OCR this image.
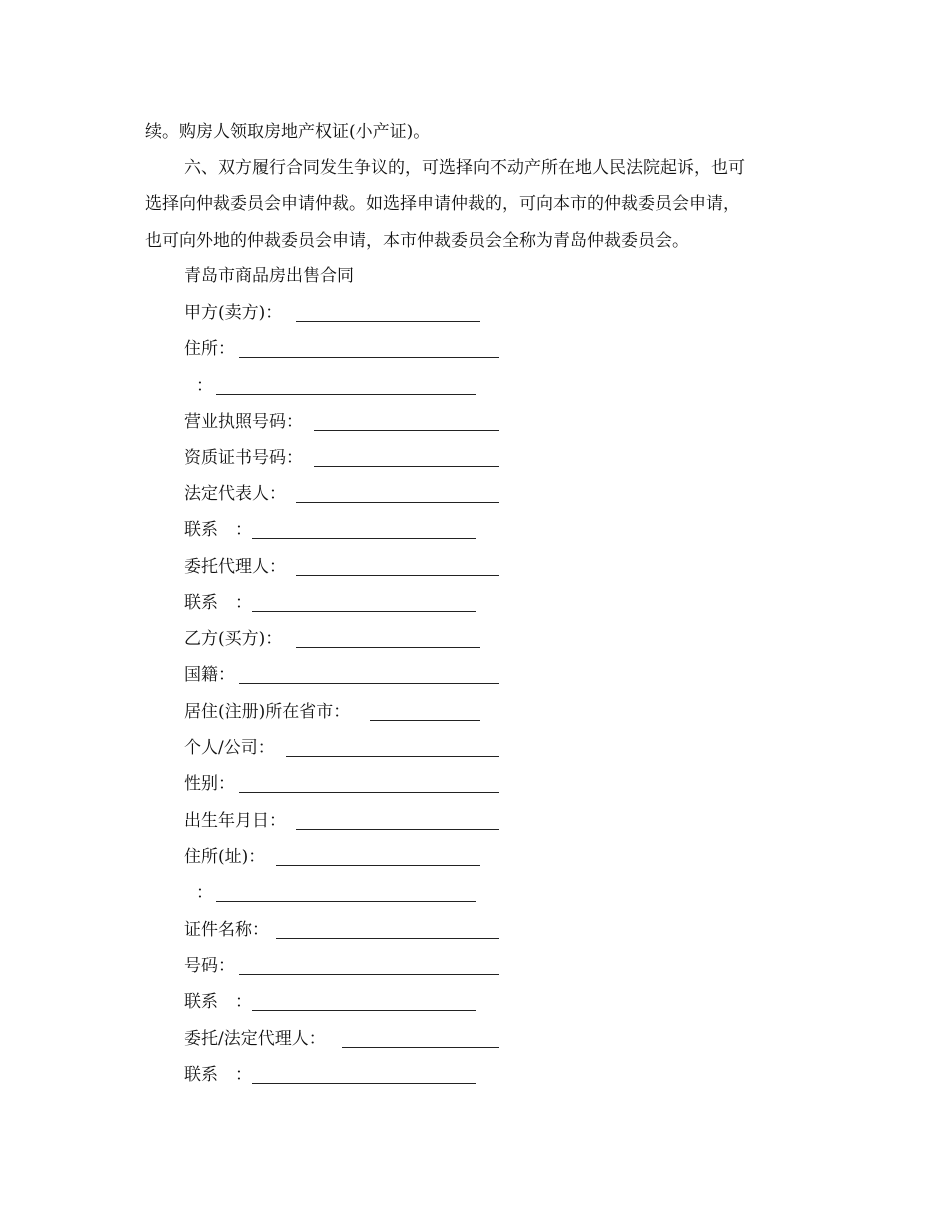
续。购房人领取房地产权证(小产证)。
六、双方履行合同发生争议的，可选择向不动产所在地人民法院起诉，也可
选择向仲裁委员会申请仲裁。如选择申请仲裁的，可向本市的仲裁委员会申请，
也可向外地的仲裁委员会申请，本市仲裁委员会全称为青岛仲裁委员会。
青岛市商品房出售合同
甲方(卖方)：
住所：
：
营业执照号码：
资质证书号码：
法定代表人：
联系　：
委托代理人：
联系　：
乙方(买方)：
国籍：
居住(注册)所在省市：
个人/公司：
性别：
出生年月日：
住所(址)：
：
证件名称：
号码：
联系　：
委托/法定代理人：
联系　：
